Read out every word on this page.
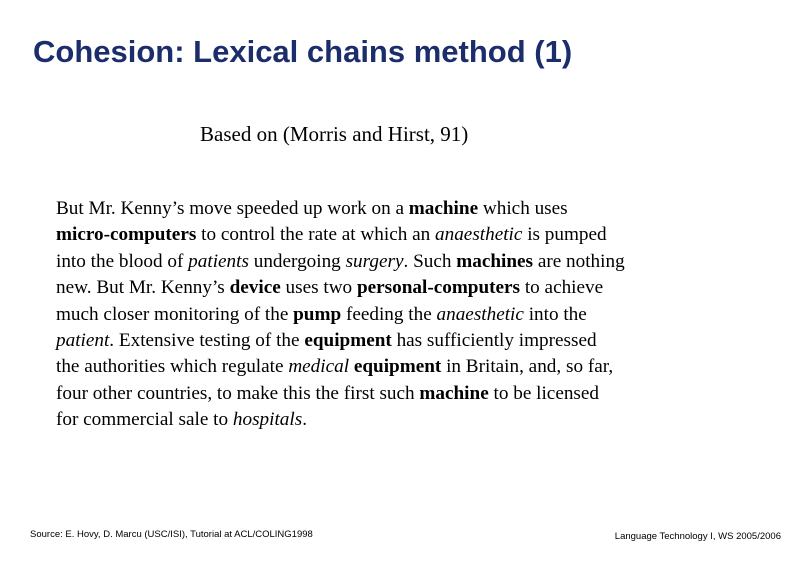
Cohesion: Lexical chains method (1)
Based on (Morris and Hirst, 91)
But Mr. Kenny’s move speeded up work on a machine which uses
micro-computers to control the rate at which an anaesthetic is pumped
into the blood of patients undergoing surgery. Such machines are nothing
new. But Mr. Kenny’s device uses two personal-computers to achieve
much closer monitoring of the pump feeding the anaesthetic into the
patient. Extensive testing of the equipment has sufficiently impressed
the authorities which regulate medical equipment in Britain, and, so far,
four other countries, to make this the first such machine to be licensed
for commercial sale to hospitals.
Source: E. Hovy, D. Marcu (USC/ISI), Tutorial at ACL/COLING1998	Language Technology I, WS 2005/2006
